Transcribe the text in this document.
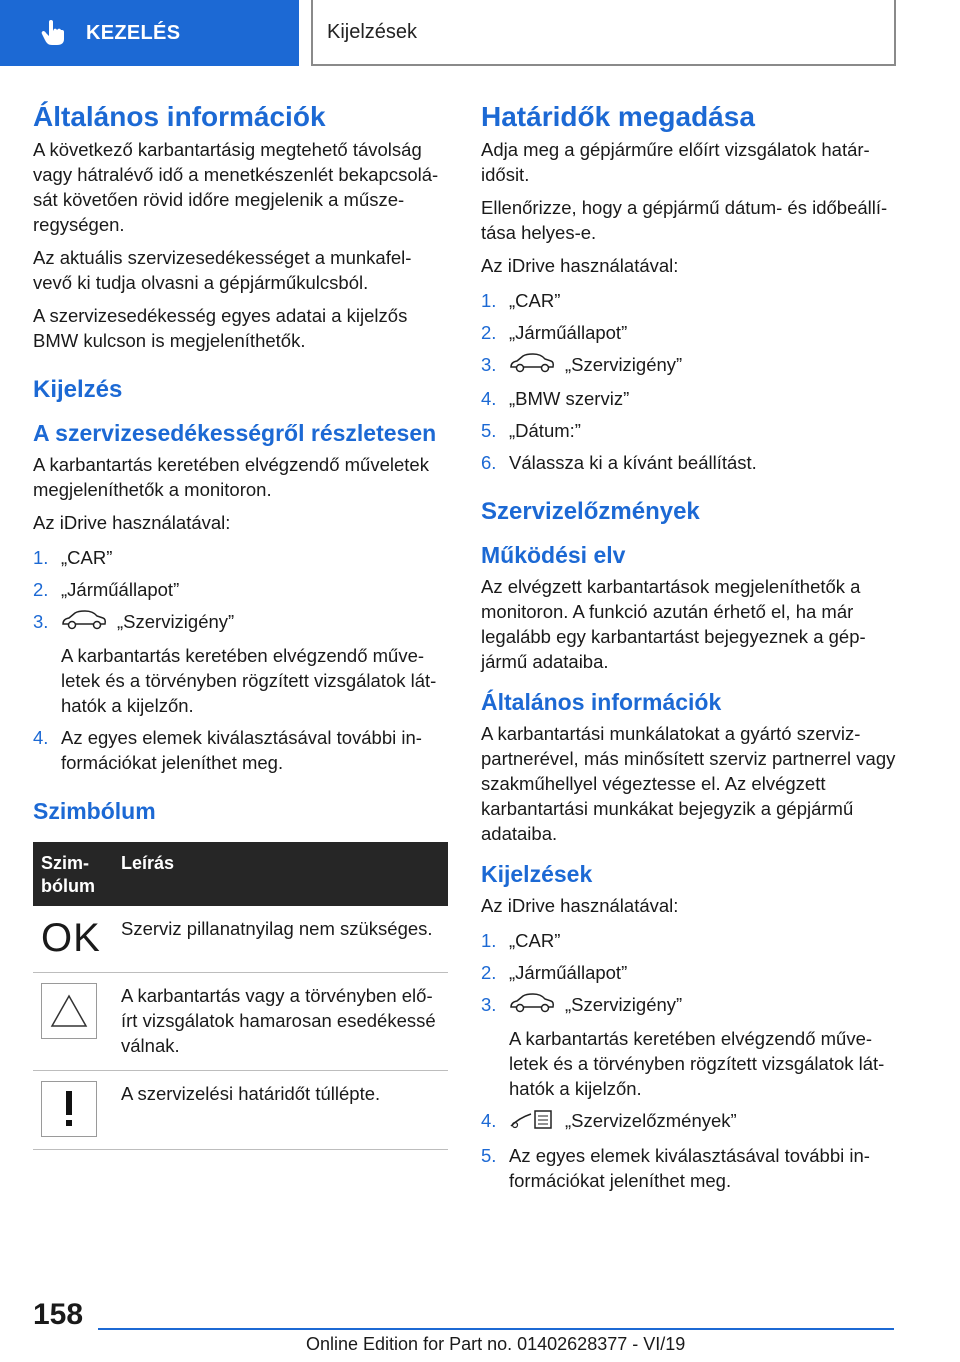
KEZELÉS	Kijelzések
Általános információk

A következő karbantartásig megtehető távolság vagy hátralévő idő a menetkészenlét bekapcsolá-sát követően rövid időre megjelenik a műsze-regységen.

Az aktuális szervizesedékességet a munkafel-vevő ki tudja olvasni a gépjárműkulcsból.

A szervizesedékesség egyes adatai a kijelzős BMW kulcson is megjeleníthetők.

Kijelzés
A szervizesedékességről részletesen

A karbantartás keretében elvégzendő műveletek megjeleníthetők a monitoron.

Az iDrive használatával:

1. „CAR”
2. „Járműállapot”
3.	„Szervizigény”
A karbantartás keretében elvégzendő műve-letek és a törvényben rögzített vizsgálatok lát-hatók a kijelzőn.
4. Az egyes elemek kiválasztásával további in-formációkat jeleníthet meg.
Szimbólum
Szim-bólum	Leírás
OK	Szerviz pillanatnyilag nem szükséges.

	A karbantartás vagy a törvényben elő-írt vizsgálatok hamarosan esedékessé válnak.

	A szervizelési határidőt túllépte.
Határidők megadása

Adja meg a gépjárműre előírt vizsgálatok határ-idősit.

Ellenőrizze, hogy a gépjármű dátum- és időbeállí-tása helyes-e.

Az iDrive használatával:

1. „CAR”
2. „Járműállapot”
3.	„Szervizigény”
4. „BMW szerviz”
5. „Dátum:”
6. Válassza ki a kívánt beállítást.
Szervizelőzmények
Működési elv

Az elvégzett karbantartások megjeleníthetők a monitoron. A funkció azután érhető el, ha már legalább egy karbantartást bejegyeznek a gép-jármű adataiba.

Általános információk

A karbantartási munkálatokat a gyártó szerviz-partnerével, más minősített szerviz partnerrel vagy szakműhellyel végeztesse el. Az elvégzett karbantartási munkákat bejegyzik a gépjármű adataiba.

Kijelzések

Az iDrive használatával:

1. „CAR”
2. „Járműállapot”
3.	„Szervizigény”
A karbantartás keretében elvégzendő műve-letek és a törvényben rögzített vizsgálatok lát-hatók a kijelzőn.
4.	„Szervizelőzmények”
5. Az egyes elemek kiválasztásával további in-formációkat jeleníthet meg.
158
Online Edition for Part no. 01402628377 - VI/19
